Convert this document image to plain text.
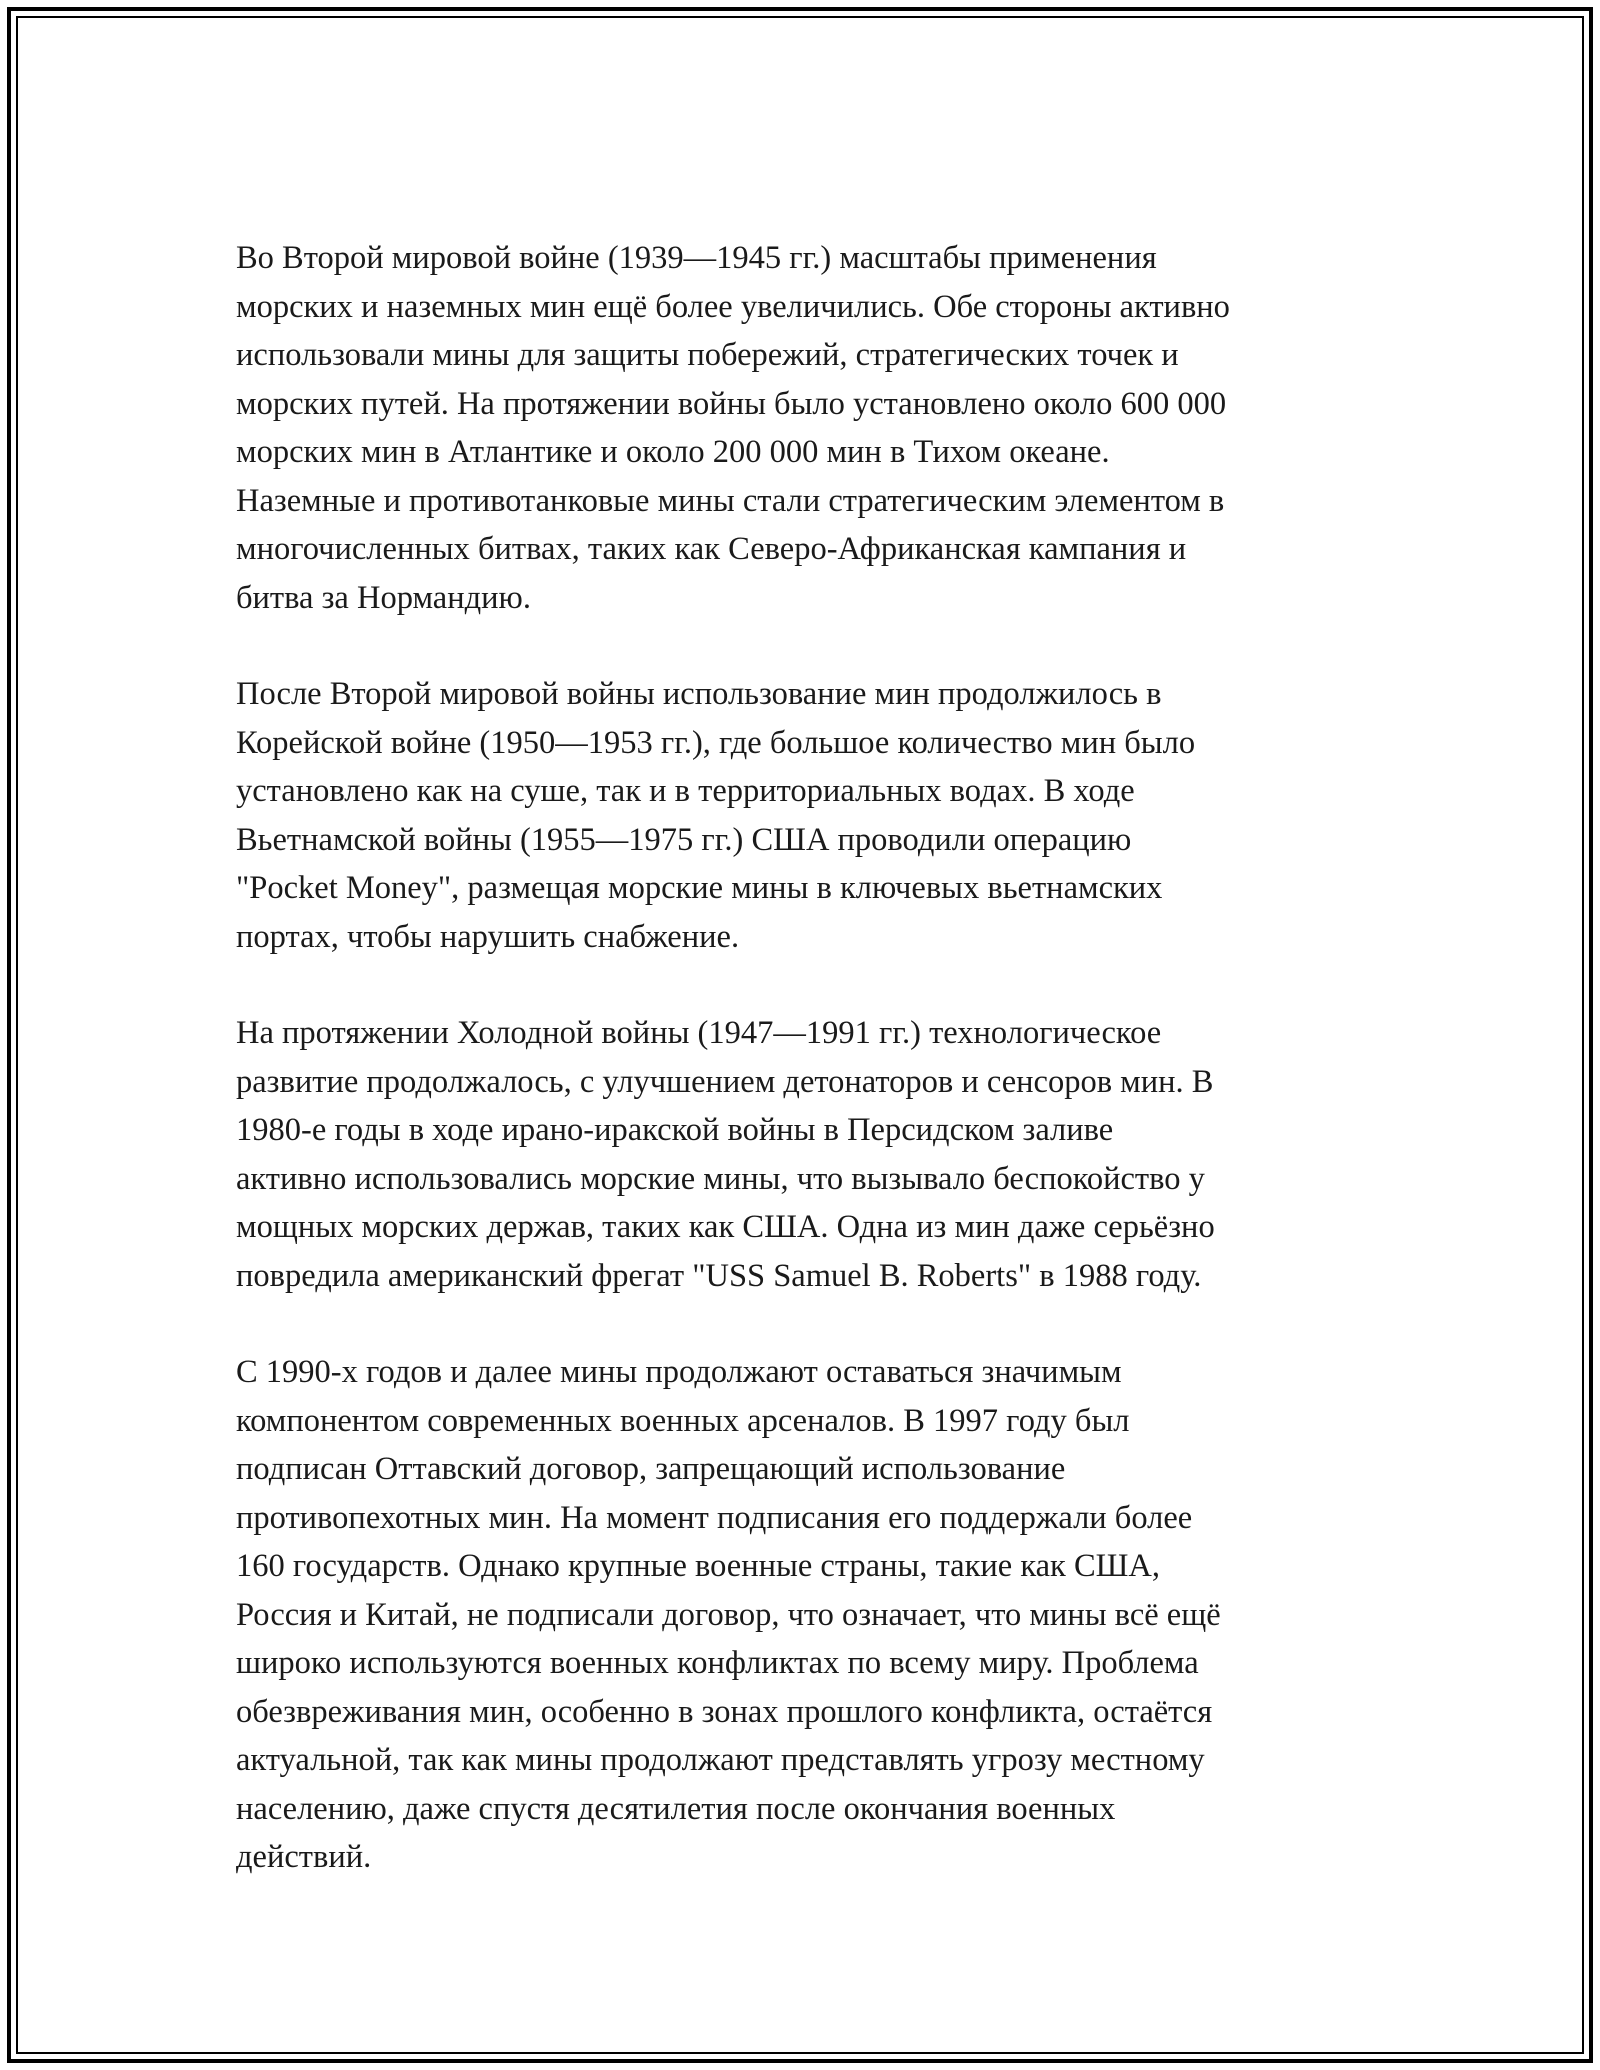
Во Второй мировой войне (1939—1945 гг.) масштабы применения
морских и наземных мин ещё более увеличились. Обе стороны активно
использовали мины для защиты побережий, стратегических точек и
морских путей. На протяжении войны было установлено около 600 000
морских мин в Атлантике и около 200 000 мин в Тихом океане.
Наземные и противотанковые мины стали стратегическим элементом в
многочисленных битвах, таких как Северо-Африканская кампания и
битва за Нормандию.

После Второй мировой войны использование мин продолжилось в
Корейской войне (1950—1953 гг.), где большое количество мин было
установлено как на суше, так и в территориальных водах. В ходе
Вьетнамской войны (1955—1975 гг.) США проводили операцию
"Pocket Money", размещая морские мины в ключевых вьетнамских
портах, чтобы нарушить снабжение.

На протяжении Холодной войны (1947—1991 гг.) технологическое
развитие продолжалось, с улучшением детонаторов и сенсоров мин. В
1980-е годы в ходе ирано-иракской войны в Персидском заливе
активно использовались морские мины, что вызывало беспокойство у
мощных морских держав, таких как США. Одна из мин даже серьёзно
повредила американский фрегат "USS Samuel B. Roberts" в 1988 году.

С 1990-х годов и далее мины продолжают оставаться значимым
компонентом современных военных арсеналов. В 1997 году был
подписан Оттавский договор, запрещающий использование
противопехотных мин. На момент подписания его поддержали более
160 государств. Однако крупные военные страны, такие как США,
Россия и Китай, не подписали договор, что означает, что мины всё ещё
широко используются военных конфликтах по всему миру. Проблема
обезвреживания мин, особенно в зонах прошлого конфликта, остаётся
актуальной, так как мины продолжают представлять угрозу местному
населению, даже спустя десятилетия после окончания военных
действий.
